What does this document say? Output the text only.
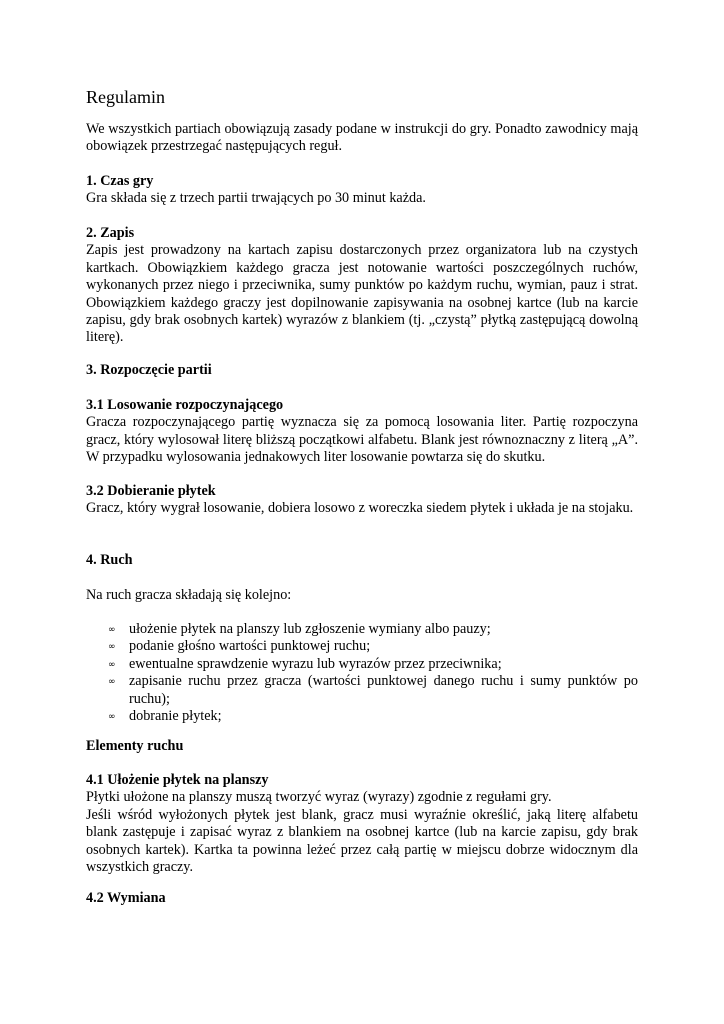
Regulamin

We wszystkich partiach obowiązują zasady podane w instrukcji do gry. Ponadto zawodnicy mają obowiązek przestrzegać następujących reguł.

1. Czas gry

Gra składa się z trzech partii trwających po 30 minut każda.

2. Zapis

Zapis jest prowadzony na kartach zapisu dostarczonych przez organizatora lub na czystych kartkach. Obowiązkiem każdego gracza jest notowanie wartości poszczególnych ruchów, wykonanych przez niego i przeciwnika, sumy punktów po każdym ruchu, wymian, pauz i strat. Obowiązkiem każdego graczy jest dopilnowanie zapisywania na osobnej kartce (lub na karcie zapisu, gdy brak osobnych kartek) wyrazów z blankiem (tj. „czystą” płytką zastępującą dowolną literę).

3. Rozpoczęcie partii

3.1 Losowanie rozpoczynającego

Gracza rozpoczynającego partię wyznacza się za pomocą losowania liter. Partię rozpoczyna gracz, który wylosował literę bliższą początkowi alfabetu. Blank jest równoznaczny z literą „A”. W przypadku wylosowania jednakowych liter losowanie powtarza się do skutku.

3.2 Dobieranie płytek

Gracz, który wygrał losowanie, dobiera losowo z woreczka siedem płytek i układa je na stojaku.

4. Ruch

Na ruch gracza składają się kolejno:

∞ ułożenie płytek na planszy lub zgłoszenie wymiany albo pauzy;
∞ podanie głośno wartości punktowej ruchu;
∞ ewentualne sprawdzenie wyrazu lub wyrazów przez przeciwnika;
∞ zapisanie ruchu przez gracza (wartości punktowej danego ruchu i sumy punktów po ruchu);
∞ dobranie płytek;

Elementy ruchu

4.1 Ułożenie płytek na planszy

Płytki ułożone na planszy muszą tworzyć wyraz (wyrazy) zgodnie z regułami gry.

Jeśli wśród wyłożonych płytek jest blank, gracz musi wyraźnie określić, jaką literę alfabetu blank zastępuje i zapisać wyraz z blankiem na osobnej kartce (lub na karcie zapisu, gdy brak osobnych kartek). Kartka ta powinna leżeć przez całą partię w miejscu dobrze widocznym dla wszystkich graczy.

4.2 Wymiana
